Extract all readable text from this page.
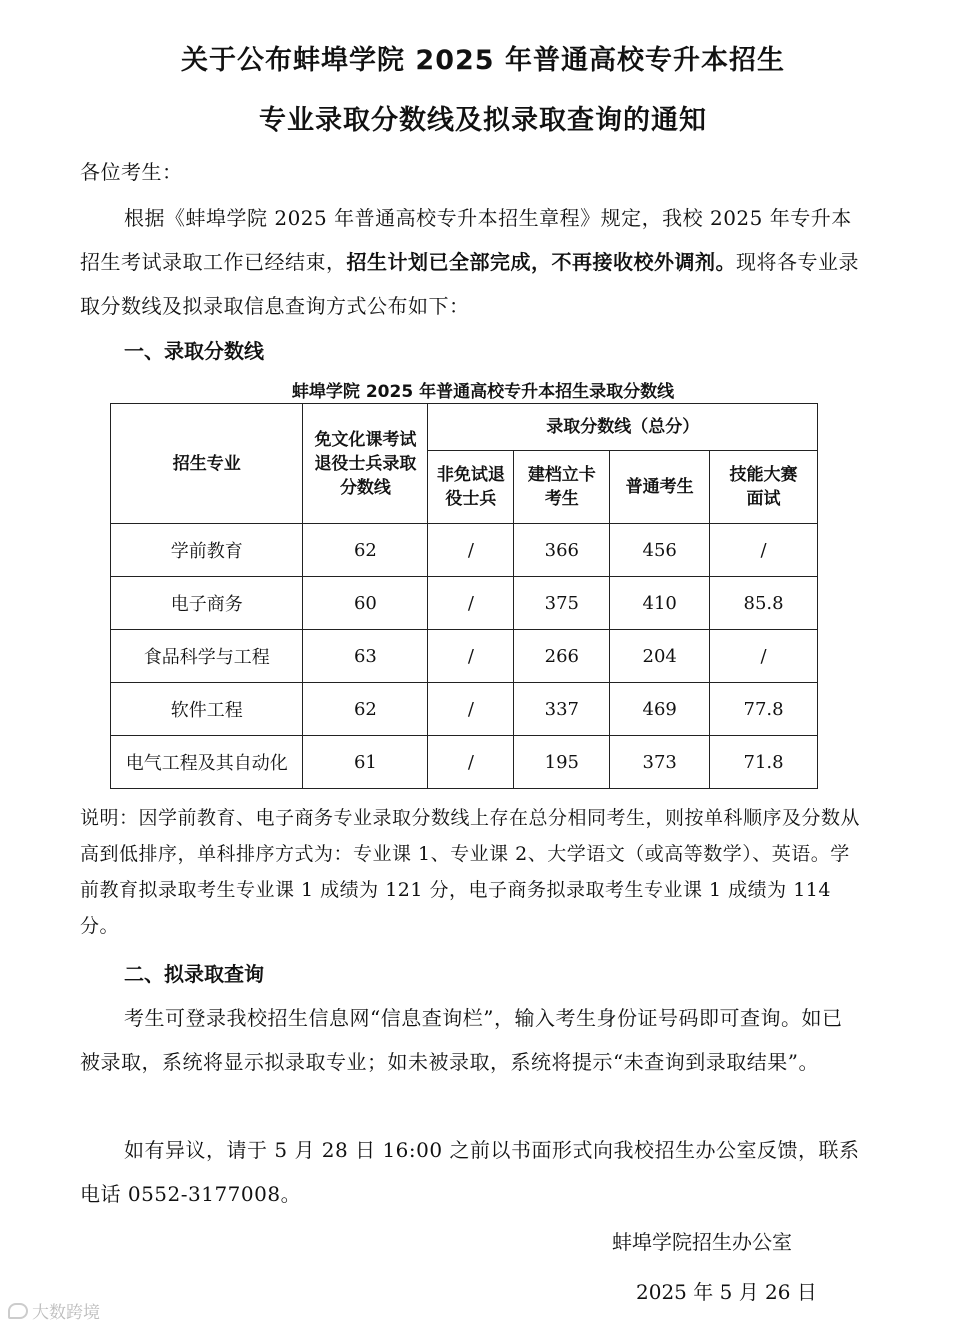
关于公布蚌埠学院 2025 年普通高校专升本招生
专业录取分数线及拟录取查询的通知
各位考生：
根据《蚌埠学院 2025 年普通高校专升本招生章程》规定，我校 2025 年专升本招生考试录取工作已经结束，招生计划已全部完成，不再接收校外调剂。现将各专业录取分数线及拟录取信息查询方式公布如下：
一、录取分数线
蚌埠学院 2025 年普通高校专升本招生录取分数线
招生专业	免文化课考试退役士兵录取分数线	录取分数线（总分）			

		非免试退役士兵	建档立卡考生	普通考生	技能大赛面试

学前教育	62	/	366	456	/
电子商务	60	/	375	410	85.8
食品科学与工程	63	/	266	204	/
软件工程	62	/	337	469	77.8
电气工程及其自动化	61	/	195	373	71.8
说明：因学前教育、电子商务专业录取分数线上存在总分相同考生，则按单科顺序及分数从高到低排序，单科排序方式为：专业课 1、专业课 2、大学语文（或高等数学）、英语。学前教育拟录取考生专业课 1 成绩为 121 分，电子商务拟录取考生专业课 1 成绩为 114 分。
二、拟录取查询
考生可登录我校招生信息网“信息查询栏”，输入考生身份证号码即可查询。如已被录取，系统将显示拟录取专业；如未被录取，系统将提示“未查询到录取结果”。
如有异议，请于 5 月 28 日 16:00 之前以书面形式向我校招生办公室反馈，联系电话 0552-3177008。
蚌埠学院招生办公室
2025 年 5 月 26 日
大数跨境
